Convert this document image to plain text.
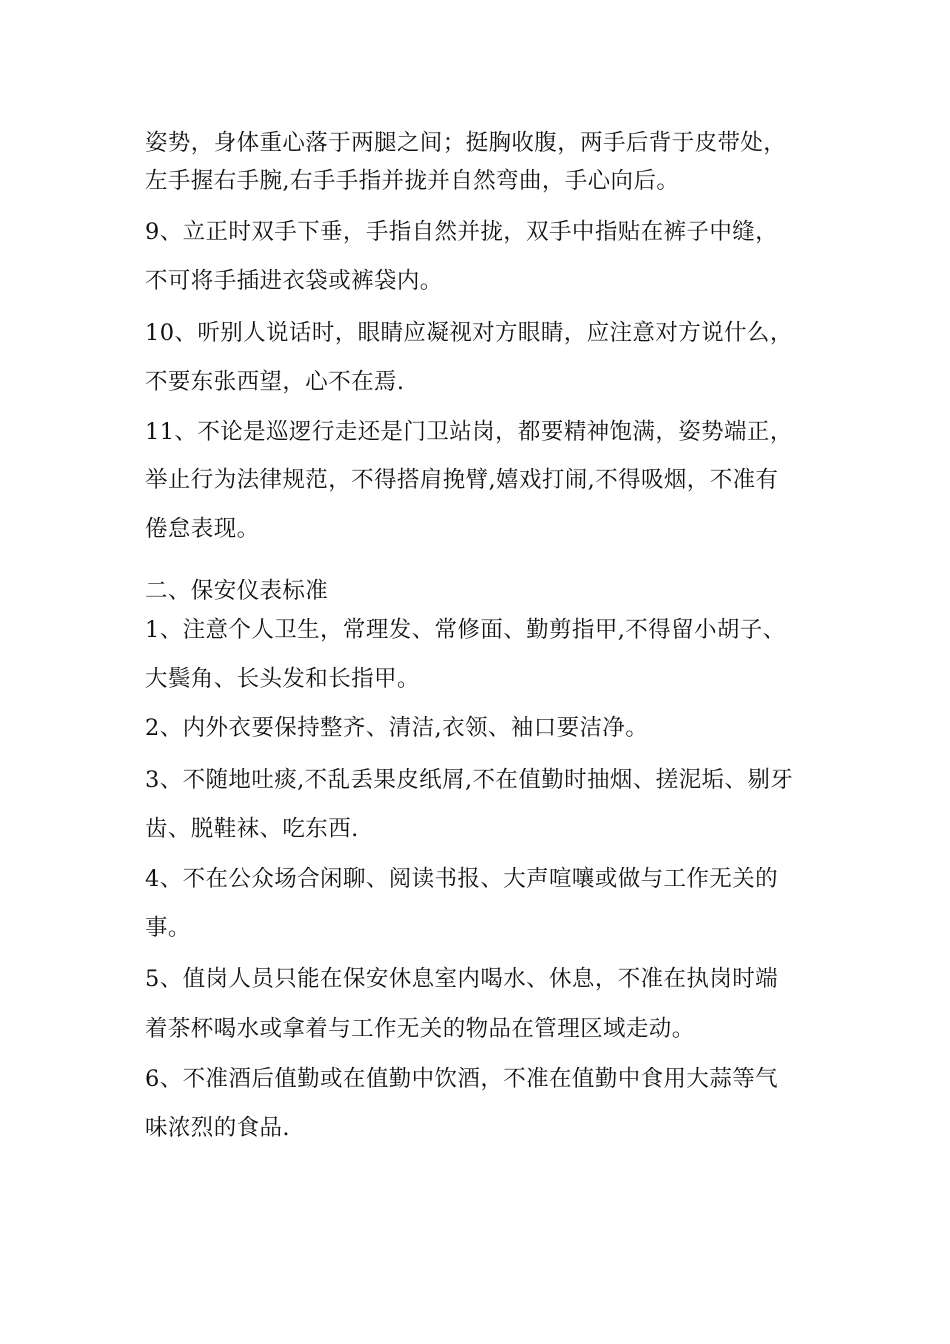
姿势，身体重心落于两腿之间；挺胸收腹，两手后背于皮带处，
左手握右手腕,右手手指并拢并自然弯曲，手心向后。
9、立正时双手下垂，手指自然并拢，双手中指贴在裤子中缝，
不可将手插进衣袋或裤袋内。
10、听别人说话时，眼睛应凝视对方眼睛，应注意对方说什么，
不要东张西望，心不在焉.
11、不论是巡逻行走还是门卫站岗，都要精神饱满，姿势端正，
举止行为法律规范，不得搭肩挽臂,嬉戏打闹,不得吸烟，不准有
倦怠表现。
二、保安仪表标准
1、注意个人卫生，常理发、常修面、勤剪指甲,不得留小胡子、
大鬓角、长头发和长指甲。
2、内外衣要保持整齐、清洁,衣领、袖口要洁净。
3、不随地吐痰,不乱丢果皮纸屑,不在值勤时抽烟、搓泥垢、剔牙
齿、脱鞋袜、吃东西.
4、不在公众场合闲聊、阅读书报、大声喧嚷或做与工作无关的
事。
5、值岗人员只能在保安休息室内喝水、休息，不准在执岗时端
着茶杯喝水或拿着与工作无关的物品在管理区域走动。
6、不准酒后值勤或在值勤中饮酒，不准在值勤中食用大蒜等气
味浓烈的食品.
